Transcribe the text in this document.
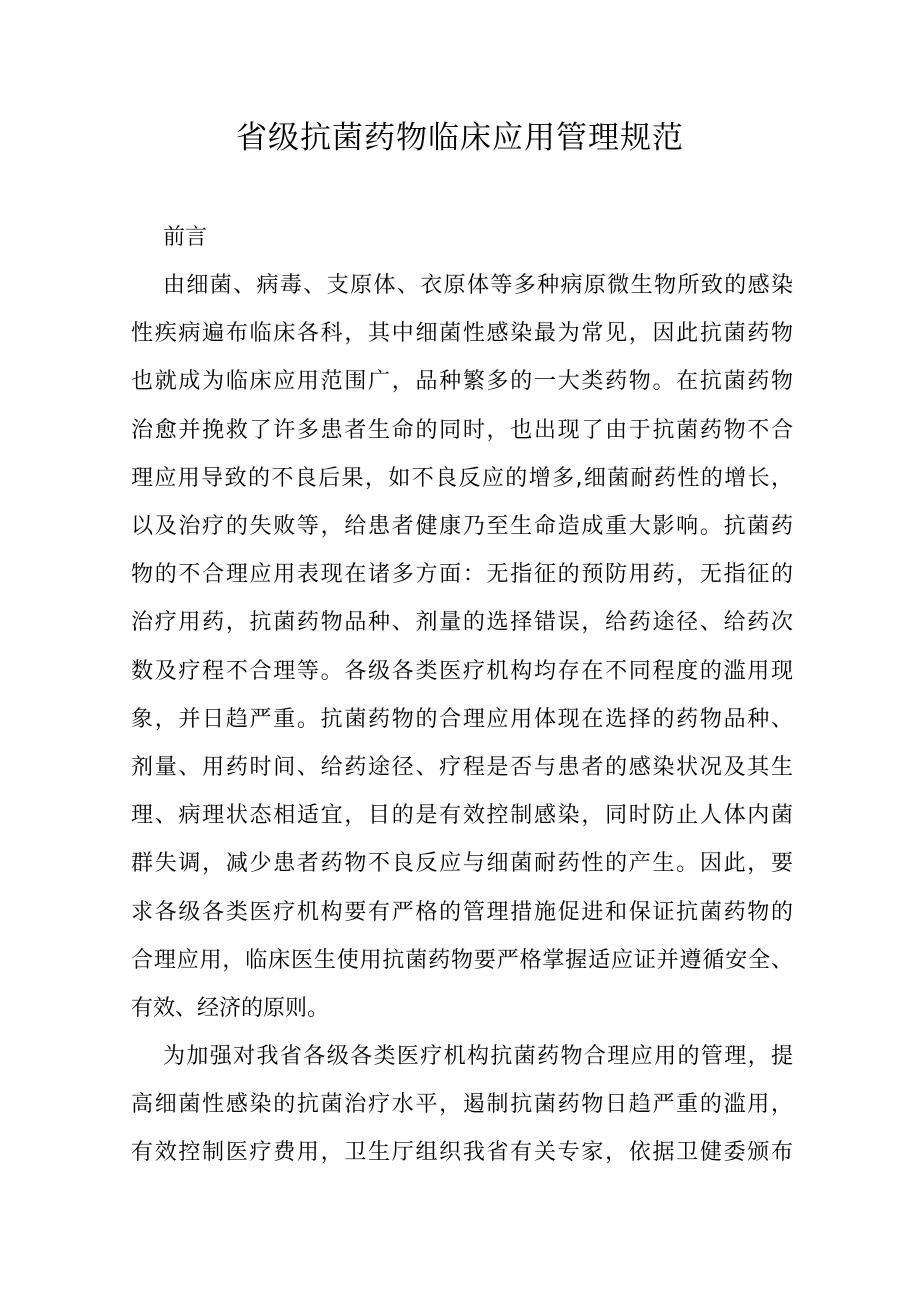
省级抗菌药物临床应用管理规范
前言
由细菌、病毒、支原体、衣原体等多种病原微生物所致的感染
性疾病遍布临床各科，其中细菌性感染最为常见，因此抗菌药物
也就成为临床应用范围广，品种繁多的一大类药物。在抗菌药物
治愈并挽救了许多患者生命的同时，也出现了由于抗菌药物不合
理应用导致的不良后果，如不良反应的增多,细菌耐药性的增长，
以及治疗的失败等，给患者健康乃至生命造成重大影响。抗菌药
物的不合理应用表现在诸多方面：无指征的预防用药，无指征的
治疗用药，抗菌药物品种、剂量的选择错误，给药途径、给药次
数及疗程不合理等。各级各类医疗机构均存在不同程度的滥用现
象，并日趋严重。抗菌药物的合理应用体现在选择的药物品种、
剂量、用药时间、给药途径、疗程是否与患者的感染状况及其生
理、病理状态相适宜，目的是有效控制感染，同时防止人体内菌
群失调，减少患者药物不良反应与细菌耐药性的产生。因此，要
求各级各类医疗机构要有严格的管理措施促进和保证抗菌药物的
合理应用，临床医生使用抗菌药物要严格掌握适应证并遵循安全、
有效、经济的原则。
为加强对我省各级各类医疗机构抗菌药物合理应用的管理，提
高细菌性感染的抗菌治疗水平，遏制抗菌药物日趋严重的滥用，
有效控制医疗费用，卫生厅组织我省有关专家，依据卫健委颁布
